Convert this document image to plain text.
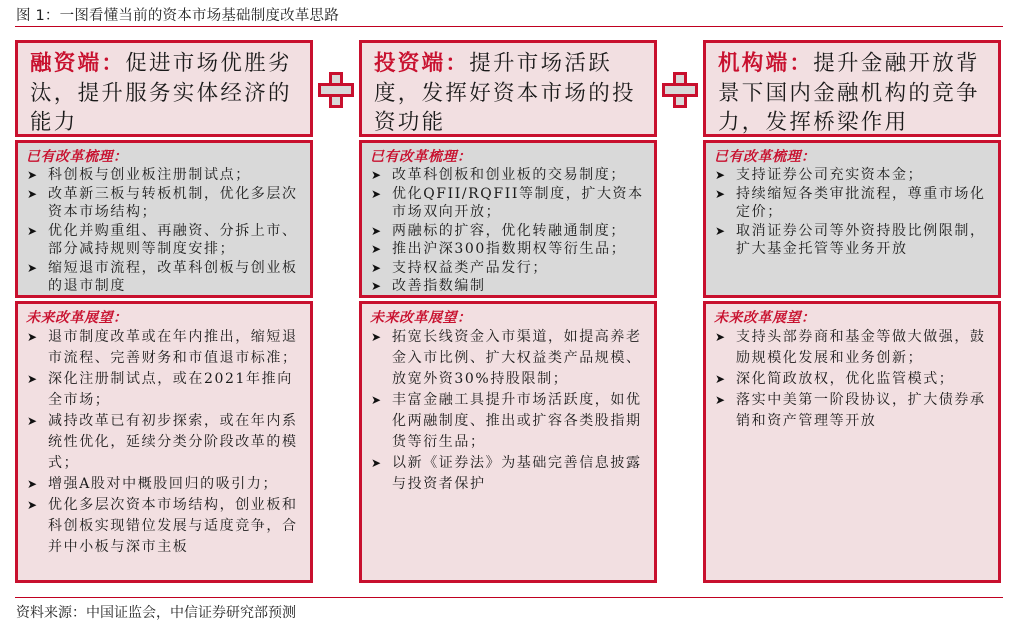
图 1：一图看懂当前的资本市场基础制度改革思路
融资端：促进市场优胜劣汰，提升服务实体经济的能力
已有改革梳理：
➤ 科创板与创业板注册制试点；
➤ 改革新三板与转板机制，优化多层次资本市场结构；
➤ 优化并购重组、再融资、分拆上市、部分减持规则等制度安排；
➤ 缩短退市流程，改革科创板与创业板的退市制度
未来改革展望：
➤ 退市制度改革或在年内推出，缩短退市流程、完善财务和市值退市标准；
➤ 深化注册制试点，或在2021年推向全市场；
➤ 减持改革已有初步探索，或在年内系统性优化，延续分类分阶段改革的模式；
➤ 增强A股对中概股回归的吸引力；
➤ 优化多层次资本市场结构，创业板和科创板实现错位发展与适度竞争，合并中小板与深市主板
投资端：提升市场活跃度，发挥好资本市场的投资功能
已有改革梳理：
➤ 改革科创板和创业板的交易制度；
➤ 优化QFII/RQFII等制度，扩大资本市场双向开放；
➤ 两融标的扩容，优化转融通制度；
➤ 推出沪深300指数期权等衍生品；
➤ 支持权益类产品发行；
➤ 改善指数编制
未来改革展望：
➤ 拓宽长线资金入市渠道，如提高养老金入市比例、扩大权益类产品规模、放宽外资30%持股限制；
➤ 丰富金融工具提升市场活跃度，如优化两融制度、推出或扩容各类股指期货等衍生品；
➤ 以新《证券法》为基础完善信息披露与投资者保护
机构端：提升金融开放背景下国内金融机构的竞争力，发挥桥梁作用
已有改革梳理：
➤ 支持证券公司充实资本金；
➤ 持续缩短各类审批流程，尊重市场化定价；
➤ 取消证券公司等外资持股比例限制，扩大基金托管等业务开放
未来改革展望：
➤ 支持头部券商和基金等做大做强，鼓励规模化发展和业务创新；
➤ 深化简政放权，优化监管模式；
➤ 落实中美第一阶段协议，扩大债券承销和资产管理等开放
资料来源：中国证监会，中信证券研究部预测
